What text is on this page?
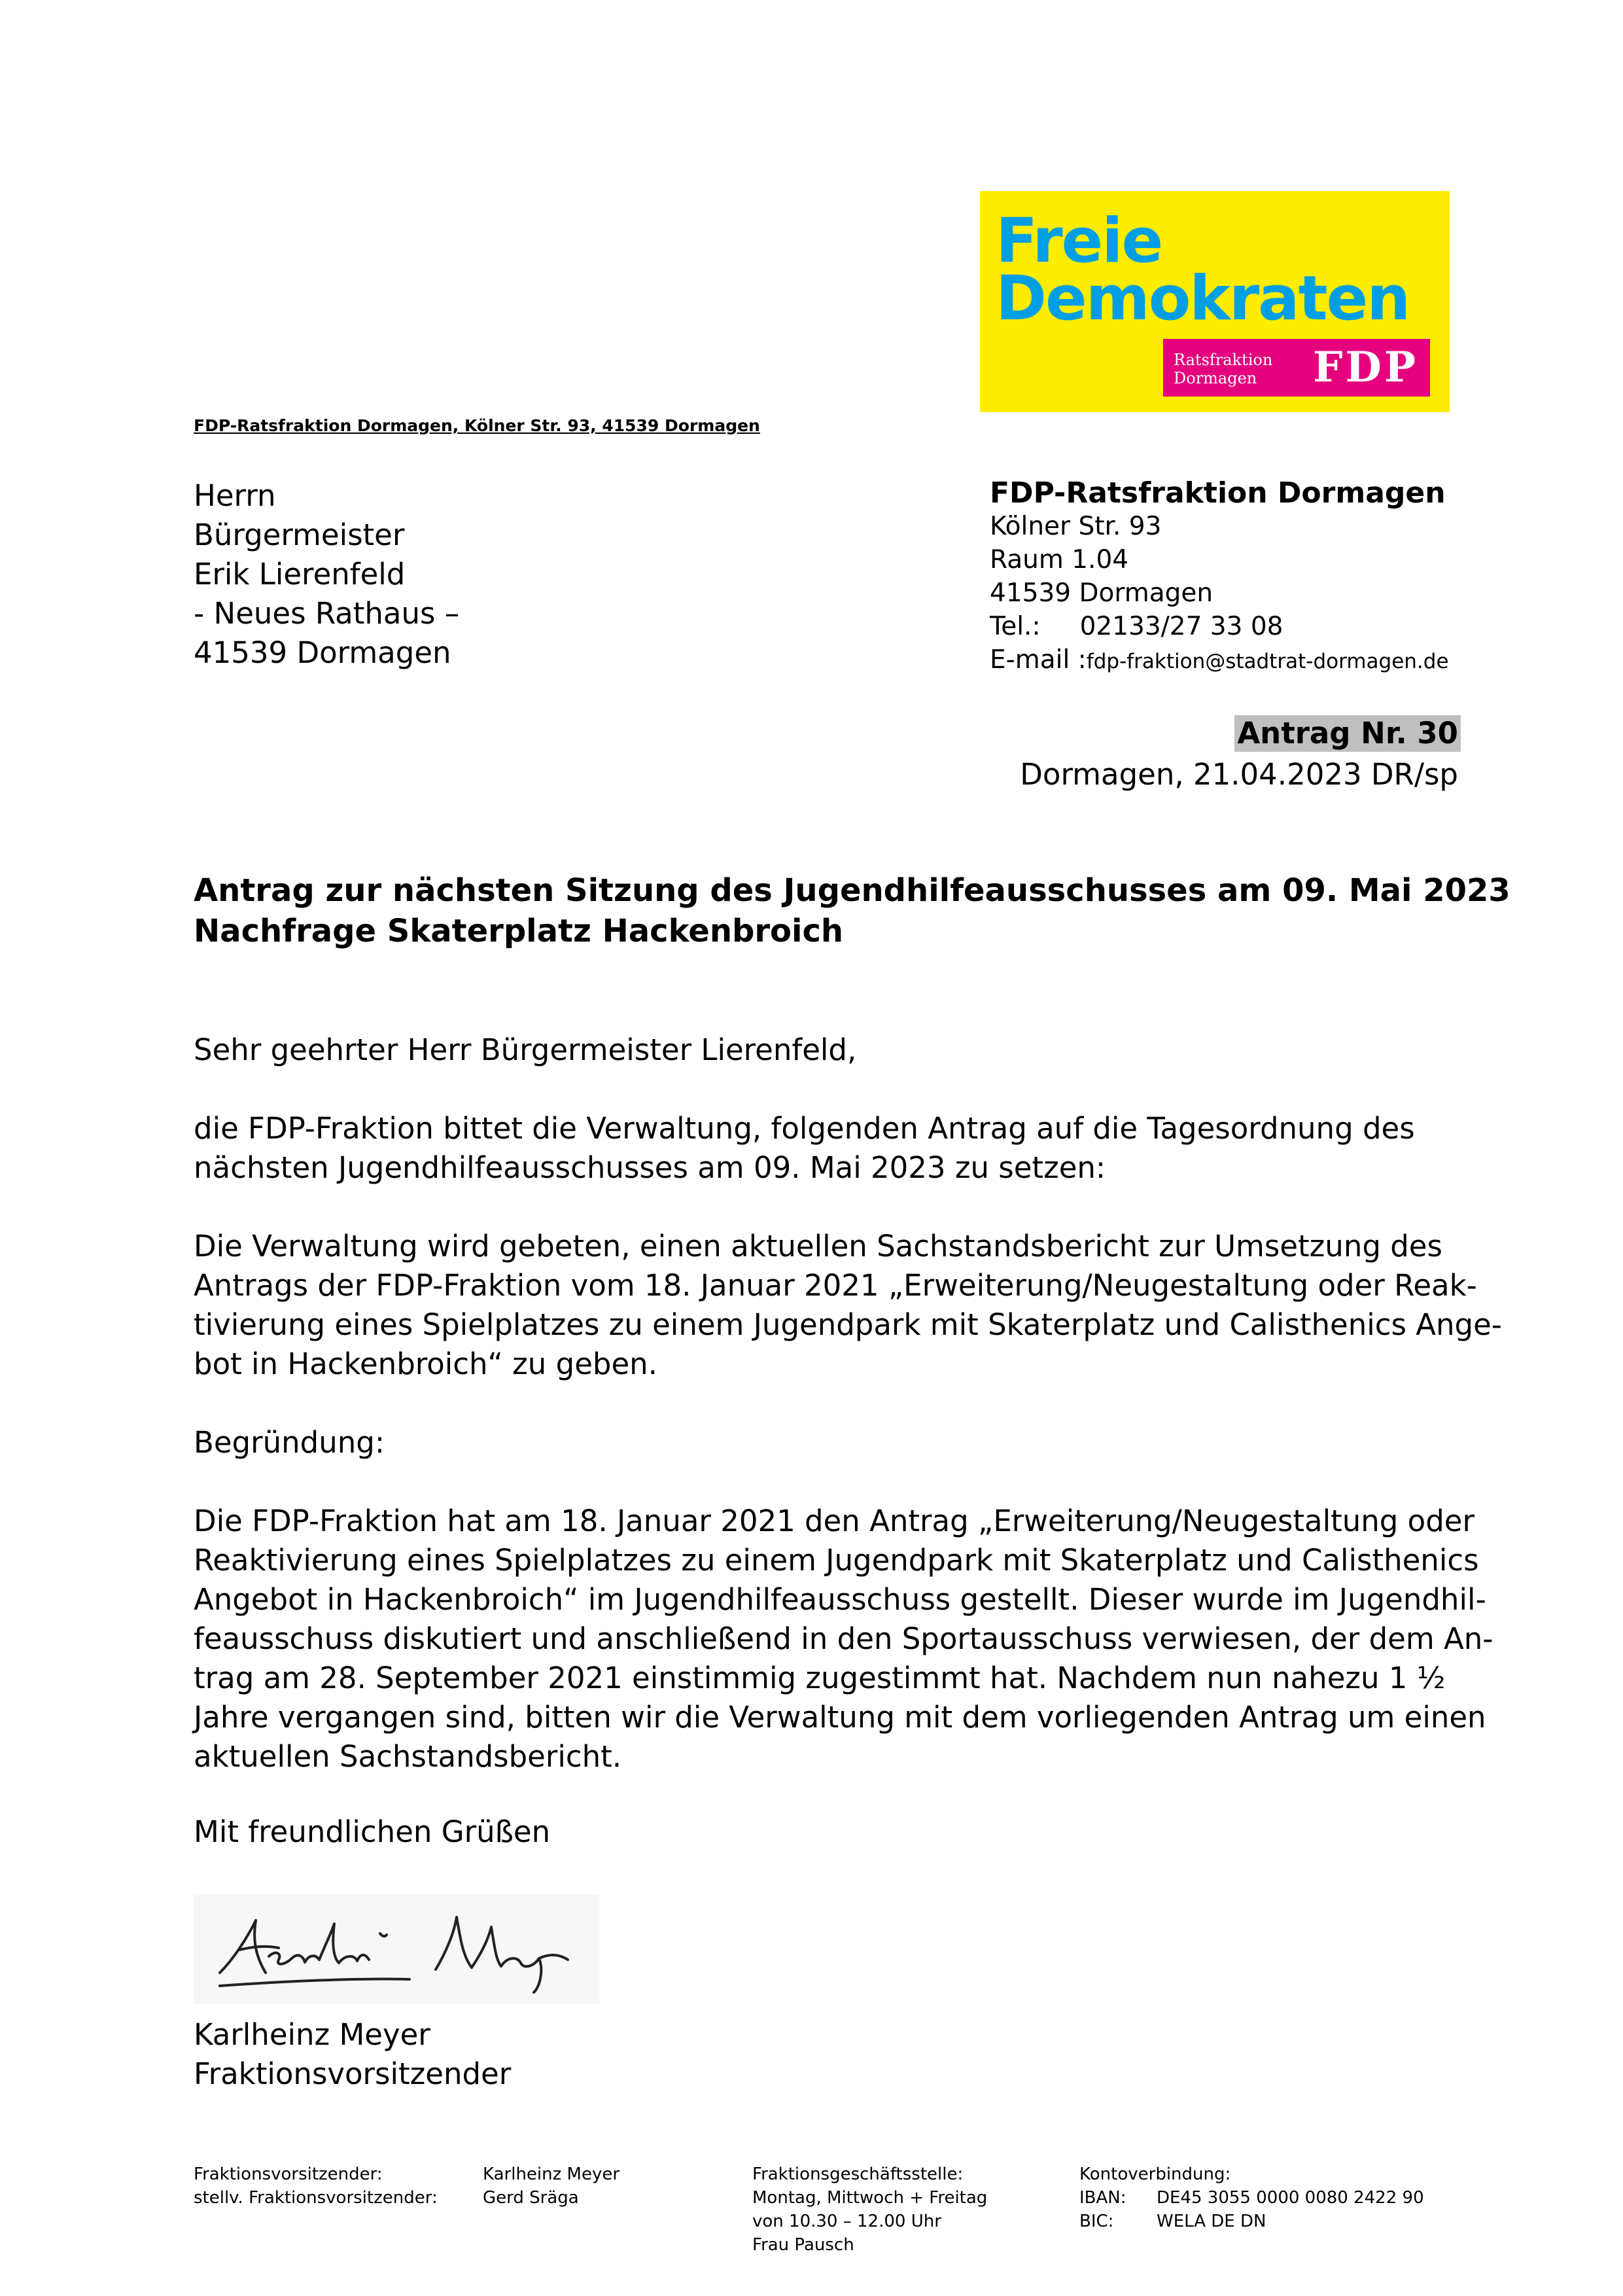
Freie
Demokraten
Ratsfraktion
Dormagen FDP
FDP-Ratsfraktion Dormagen, Kölner Str. 93, 41539 Dormagen
Herrn
Bürgermeister
Erik Lierenfeld
- Neues Rathaus –
41539 Dormagen
FDP-Ratsfraktion Dormagen
Kölner Str. 93
Raum 1.04
41539 Dormagen
Tel.: 02133/27 33 08
E-mail :fdp-fraktion@stadtrat-dormagen.de
Antrag Nr. 30
Dormagen, 21.04.2023 DR/sp
Antrag zur nächsten Sitzung des Jugendhilfeausschusses am 09. Mai 2023
Nachfrage Skaterplatz Hackenbroich
Sehr geehrter Herr Bürgermeister Lierenfeld,
die FDP-Fraktion bittet die Verwaltung, folgenden Antrag auf die Tagesordnung des
nächsten Jugendhilfeausschusses am 09. Mai 2023 zu setzen:
Die Verwaltung wird gebeten, einen aktuellen Sachstandsbericht zur Umsetzung des
Antrags der FDP-Fraktion vom 18. Januar 2021 „Erweiterung/Neugestaltung oder Reak-
tivierung eines Spielplatzes zu einem Jugendpark mit Skaterplatz und Calisthenics Ange-
bot in Hackenbroich“ zu geben.
Begründung:
Die FDP-Fraktion hat am 18. Januar 2021 den Antrag „Erweiterung/Neugestaltung oder
Reaktivierung eines Spielplatzes zu einem Jugendpark mit Skaterplatz und Calisthenics
Angebot in Hackenbroich“ im Jugendhilfeausschuss gestellt. Dieser wurde im Jugendhil-
feausschuss diskutiert und anschließend in den Sportausschuss verwiesen, der dem An-
trag am 28. September 2021 einstimmig zugestimmt hat. Nachdem nun nahezu 1 ½
Jahre vergangen sind, bitten wir die Verwaltung mit dem vorliegenden Antrag um einen
aktuellen Sachstandsbericht.
Mit freundlichen Grüßen
Karlheinz Meyer
Fraktionsvorsitzender
Fraktionsvorsitzender:
stellv. Fraktionsvorsitzender:
Karlheinz Meyer
Gerd Sräga
Fraktionsgeschäftsstelle:
Montag, Mittwoch + Freitag
von 10.30 – 12.00 Uhr
Frau Pausch
Kontoverbindung:
IBAN: DE45 3055 0000 0080 2422 90
BIC:	WELA DE DN
